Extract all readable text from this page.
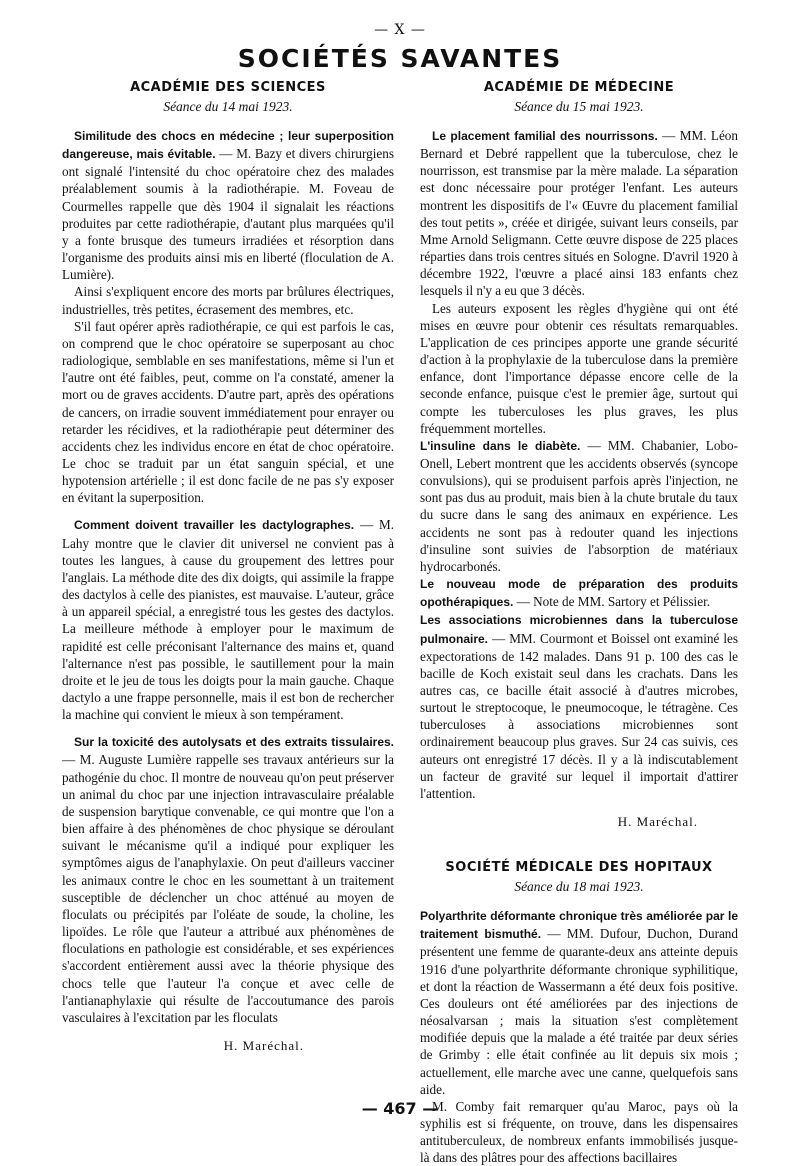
— X —
SOCIÉTÉS SAVANTES
ACADÉMIE DES SCIENCES
Séance du 14 mai 1923.

Similitude des chocs en médecine ; leur superposition dangereuse, mais évitable. — M. Bazy et divers chirurgiens ont signalé l'intensité du choc opératoire chez des malades préalablement soumis à la radiothérapie. M. Foveau de Courmelles rappelle que dès 1904 il signalait les réactions produites par cette radiothérapie, d'autant plus marquées qu'il y a fonte brusque des tumeurs irradiées et résorption dans l'organisme des produits ainsi mis en liberté (floculation de A. Lumière).

Ainsi s'expliquent encore des morts par brûlures électriques, industrielles, très petites, écrasement des membres, etc.

S'il faut opérer après radiothérapie, ce qui est parfois le cas, on comprend que le choc opératoire se superposant au choc radiologique, semblable en ses manifestations, même si l'un et l'autre ont été faibles, peut, comme on l'a constaté, amener la mort ou de graves accidents. D'autre part, après des opérations de cancers, on irradie souvent immédiatement pour enrayer ou retarder les récidives, et la radiothérapie peut déterminer des accidents chez les individus encore en état de choc opératoire. Le choc se traduit par un état sanguin spécial, et une hypotension artérielle ; il est donc facile de ne pas s'y exposer en évitant la superposition.

Comment doivent travailler les dactylographes. — M. Lahy montre que le clavier dit universel ne convient pas à toutes les langues, à cause du groupement des lettres pour l'anglais. La méthode dite des dix doigts, qui assimile la frappe des dactylos à celle des pianistes, est mauvaise. L'auteur, grâce à un appareil spécial, a enregistré tous les gestes des dactylos. La meilleure méthode à employer pour le maximum de rapidité est celle préconisant l'alternance des mains et, quand l'alternance n'est pas possible, le sautillement pour la main droite et le jeu de tous les doigts pour la main gauche. Chaque dactylo a une frappe personnelle, mais il est bon de rechercher la machine qui convient le mieux à son tempérament.

Sur la toxicité des autolysats et des extraits tissulaires. — M. Auguste Lumière rappelle ses travaux antérieurs sur la pathogénie du choc. Il montre de nouveau qu'on peut préserver un animal du choc par une injection intravasculaire préalable de suspension barytique convenable, ce qui montre que l'on a bien affaire à des phénomènes de choc physique se déroulant suivant le mécanisme qu'il a indiqué pour expliquer les symptômes aigus de l'anaphylaxie. On peut d'ailleurs vacciner les animaux contre le choc en les soumettant à un traitement susceptible de déclencher un choc atténué au moyen de floculats ou précipités par l'oléate de soude, la choline, les lipoïdes. Le rôle que l'auteur a attribué aux phénomènes de floculations en pathologie est considérable, et ses expériences s'accordent entièrement aussi avec la théorie physique des chocs telle que l'auteur l'a conçue et avec celle de l'antianaphylaxie qui résulte de l'accoutumance des parois vasculaires à l'excitation par les floculats

H. Maréchal.
ACADÉMIE DE MÉDECINE
Séance du 15 mai 1923.

Le placement familial des nourrissons. — MM. Léon Bernard et Debré rappellent que la tuberculose, chez le nourrisson, est transmise par la mère malade. La séparation est donc nécessaire pour protéger l'enfant. Les auteurs montrent les dispositifs de l'« Œuvre du placement familial des tout petits », créée et dirigée, suivant leurs conseils, par Mme Arnold Seligmann. Cette œuvre dispose de 225 places réparties dans trois centres situés en Sologne. D'avril 1920 à décembre 1922, l'œuvre a placé ainsi 183 enfants chez lesquels il n'y a eu que 3 décès.

Les auteurs exposent les règles d'hygiène qui ont été mises en œuvre pour obtenir ces résultats remarquables. L'application de ces principes apporte une grande sécurité d'action à la prophylaxie de la tuberculose dans la première enfance, dont l'importance dépasse encore celle de la seconde enfance, puisque c'est le premier âge, surtout qui compte les tuberculoses les plus graves, les plus fréquemment mortelles.

L'insuline dans le diabète. — MM. Chabanier, Lobo-Onell, Lebert montrent que les accidents observés (syncope convulsions), qui se produisent parfois après l'injection, ne sont pas dus au produit, mais bien à la chute brutale du taux du sucre dans le sang des animaux en expérience. Les accidents ne sont pas à redouter quand les injections d'insuline sont suivies de l'absorption de matériaux hydrocarbonés.

Le nouveau mode de préparation des produits opothérapiques. — Note de MM. Sartory et Pélissier.

Les associations microbiennes dans la tuberculose pulmonaire. — MM. Courmont et Boissel ont examiné les expectorations de 142 malades. Dans 91 p. 100 des cas le bacille de Koch existait seul dans les crachats. Dans les autres cas, ce bacille était associé à d'autres microbes, surtout le streptocoque, le pneumocoque, le tétragène. Ces tuberculoses à associations microbiennes sont ordinairement beaucoup plus graves. Sur 24 cas suivis, ces auteurs ont enregistré 17 décès. Il y a là indiscutablement un facteur de gravité sur lequel il importait d'attirer l'attention.

H. Maréchal.
SOCIÉTÉ MÉDICALE DES HOPITAUX
Séance du 18 mai 1923.

Polyarthrite déformante chronique très améliorée par le traitement bismuthé. — MM. Dufour, Duchon, Durand présentent une femme de quarante-deux ans atteinte depuis 1916 d'une polyarthrite déformante chronique syphilitique, et dont la réaction de Wassermann a été deux fois positive. Ces douleurs ont été améliorées par des injections de néosalvarsan ; mais la situation s'est complètement modifiée depuis que la malade a été traitée par deux séries de Grimby : elle était confinée au lit depuis six mois ; actuellement, elle marche avec une canne, quelquefois sans aide.

M. Comby fait remarquer qu'au Maroc, pays où la syphilis est si fréquente, on trouve, dans les dispensaires antituberculeux, de nombreux enfants immobilisés jusque-là dans des plâtres pour des affections bacillaires

— 467 —
